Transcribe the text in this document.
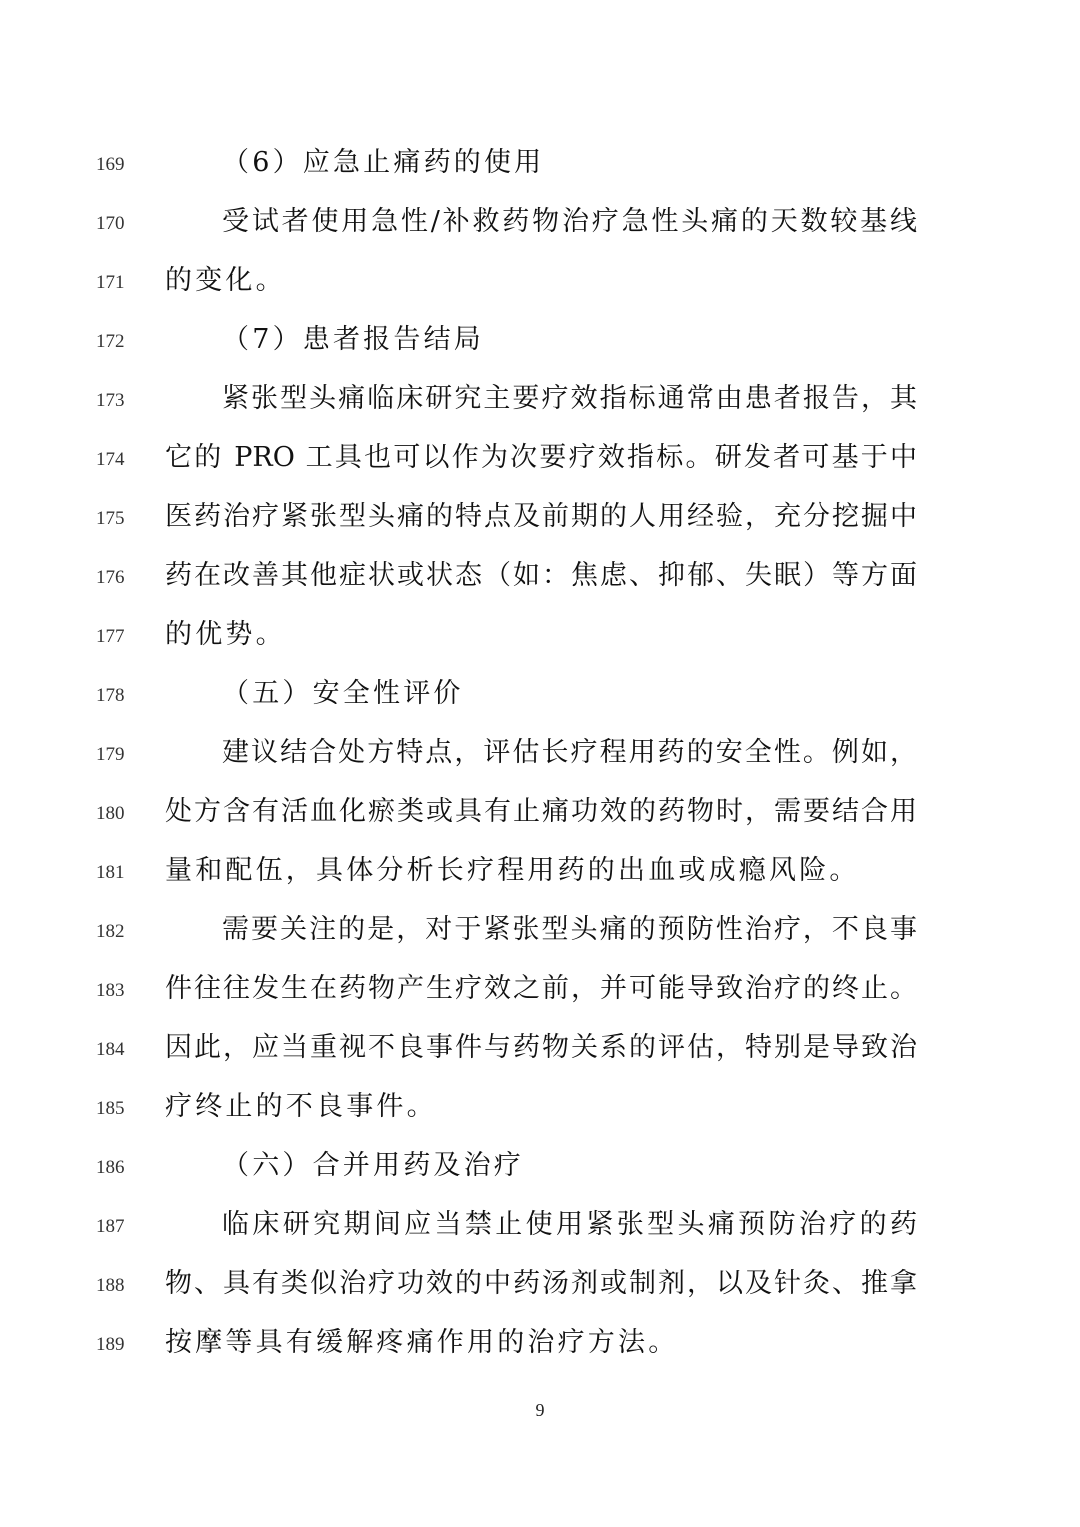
169	（6）应急止痛药的使用
170	受试者使用急性/补救药物治疗急性头痛的天数较基线
171 的变化。
172	（7）患者报告结局
173	紧张型头痛临床研究主要疗效指标通常由患者报告，其
174 它的 PRO 工具也可以作为次要疗效指标。研发者可基于中
175 医药治疗紧张型头痛的特点及前期的人用经验，充分挖掘中
176 药在改善其他症状或状态（如：焦虑、抑郁、失眠）等方面
177 的优势。
178	（五）安全性评价
179	建议结合处方特点，评估长疗程用药的安全性。例如，
180 处方含有活血化瘀类或具有止痛功效的药物时，需要结合用
181 量和配伍，具体分析长疗程用药的出血或成瘾风险。
182	需要关注的是，对于紧张型头痛的预防性治疗，不良事
183 件往往发生在药物产生疗效之前，并可能导致治疗的终止。
184 因此，应当重视不良事件与药物关系的评估，特别是导致治
185 疗终止的不良事件。
186	（六）合并用药及治疗
187	临床研究期间应当禁止使用紧张型头痛预防治疗的药
188 物、具有类似治疗功效的中药汤剂或制剂，以及针灸、推拿
189 按摩等具有缓解疼痛作用的治疗方法。
9
